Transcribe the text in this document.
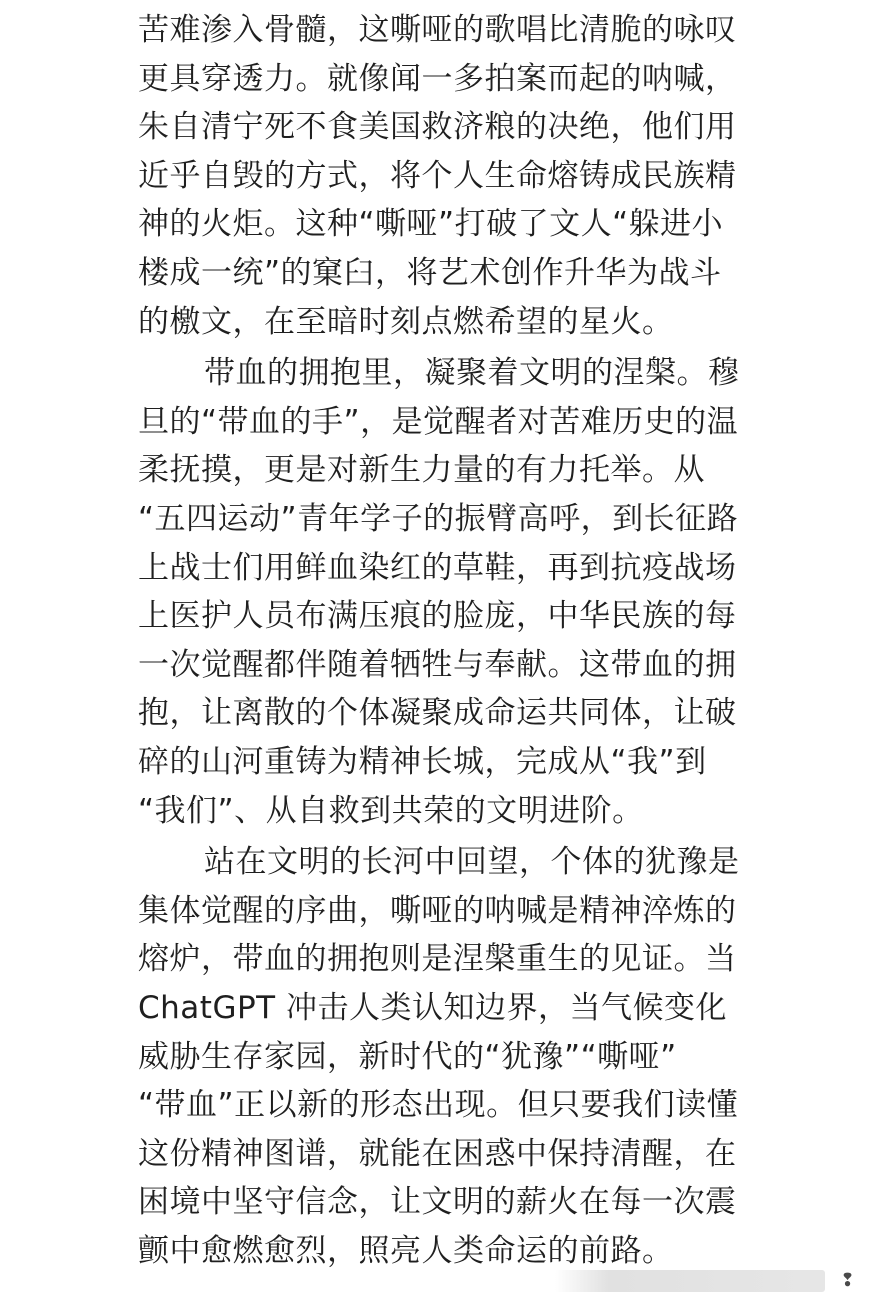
苦难渗入骨髓，这嘶哑的歌唱比清脆的咏叹
更具穿透力。就像闻一多拍案而起的呐喊，
朱自清宁死不食美国救济粮的决绝，他们用
近乎自毁的方式，将个人生命熔铸成民族精
神的火炬。这种“嘶哑”打破了文人“躲进小
楼成一统”的窠臼，将艺术创作升华为战斗
的檄文，在至暗时刻点燃希望的星火。
带血的拥抱里，凝聚着文明的涅槃。穆
旦的“带血的手”，是觉醒者对苦难历史的温
柔抚摸，更是对新生力量的有力托举。从
“五四运动”青年学子的振臂高呼，到长征路
上战士们用鲜血染红的草鞋，再到抗疫战场
上医护人员布满压痕的脸庞，中华民族的每
一次觉醒都伴随着牺牲与奉献。这带血的拥
抱，让离散的个体凝聚成命运共同体，让破
碎的山河重铸为精神长城，完成从“我”到
“我们”、从自救到共荣的文明进阶。
站在文明的长河中回望，个体的犹豫是
集体觉醒的序曲，嘶哑的呐喊是精神淬炼的
熔炉，带血的拥抱则是涅槃重生的见证。当
ChatGPT 冲击人类认知边界，当气候变化
威胁生存家园，新时代的“犹豫”“嘶哑”
“带血”正以新的形态出现。但只要我们读懂
这份精神图谱，就能在困惑中保持清醒，在
困境中坚守信念，让文明的薪火在每一次震
颤中愈燃愈烈，照亮人类命运的前路。
❢
